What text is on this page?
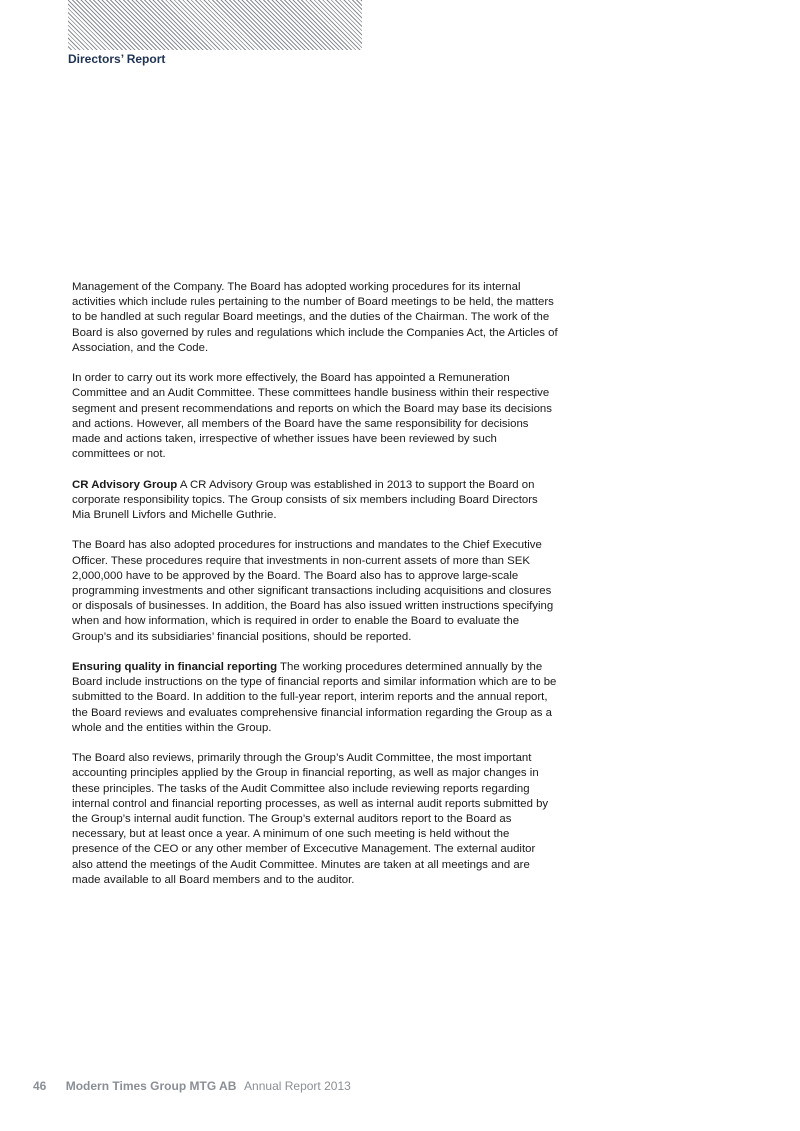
Directors’ Report

Management of the Company. The Board has adopted working procedures for its internal activities which include rules pertaining to the number of Board meetings to be held, the matters to be handled at such regular Board meetings, and the duties of the Chairman. The work of the Board is also governed by rules and regulations which include the Companies Act, the Articles of Association, and the Code.

In order to carry out its work more effectively, the Board has appointed a Remuneration Committee and an Audit Committee. These committees handle business within their respective segment and present recommendations and reports on which the Board may base its decisions and actions. However, all members of the Board have the same responsibility for decisions made and actions taken, irrespective of whether issues have been reviewed by such committees or not.

CR Advisory Group A CR Advisory Group was established in 2013 to support the Board on corporate responsibility topics. The Group consists of six members including Board Directors Mia Brunell Livfors and Michelle Guthrie.

The Board has also adopted procedures for instructions and mandates to the Chief Executive Officer. These procedures require that investments in non-current assets of more than SEK 2,000,000 have to be approved by the Board. The Board also has to approve large-scale programming investments and other significant transactions including acquisitions and closures or disposals of businesses. In addition, the Board has also issued written instructions specifying when and how information, which is required in order to enable the Board to evaluate the Group’s and its subsidiaries’ financial positions, should be reported.

Ensuring quality in financial reporting The working procedures determined annually by the Board include instructions on the type of financial reports and similar information which are to be submitted to the Board. In addition to the full-year report, interim reports and the annual report, the Board reviews and evaluates comprehensive financial information regarding the Group as a whole and the entities within the Group.

The Board also reviews, primarily through the Group’s Audit Committee, the most important accounting principles applied by the Group in financial reporting, as well as major changes in these principles. The tasks of the Audit Committee also include reviewing reports regarding internal control and financial reporting processes, as well as internal audit reports submitted by the Group’s internal audit function. The Group’s external auditors report to the Board as necessary, but at least once a year. A minimum of one such meeting is held without the presence of the CEO or any other member of Excecutive Management. The external auditor also attend the meetings of the Audit Committee. Minutes are taken at all meetings and are made available to all Board members and to the auditor.

46 Modern Times Group MTG AB Annual Report 2013
